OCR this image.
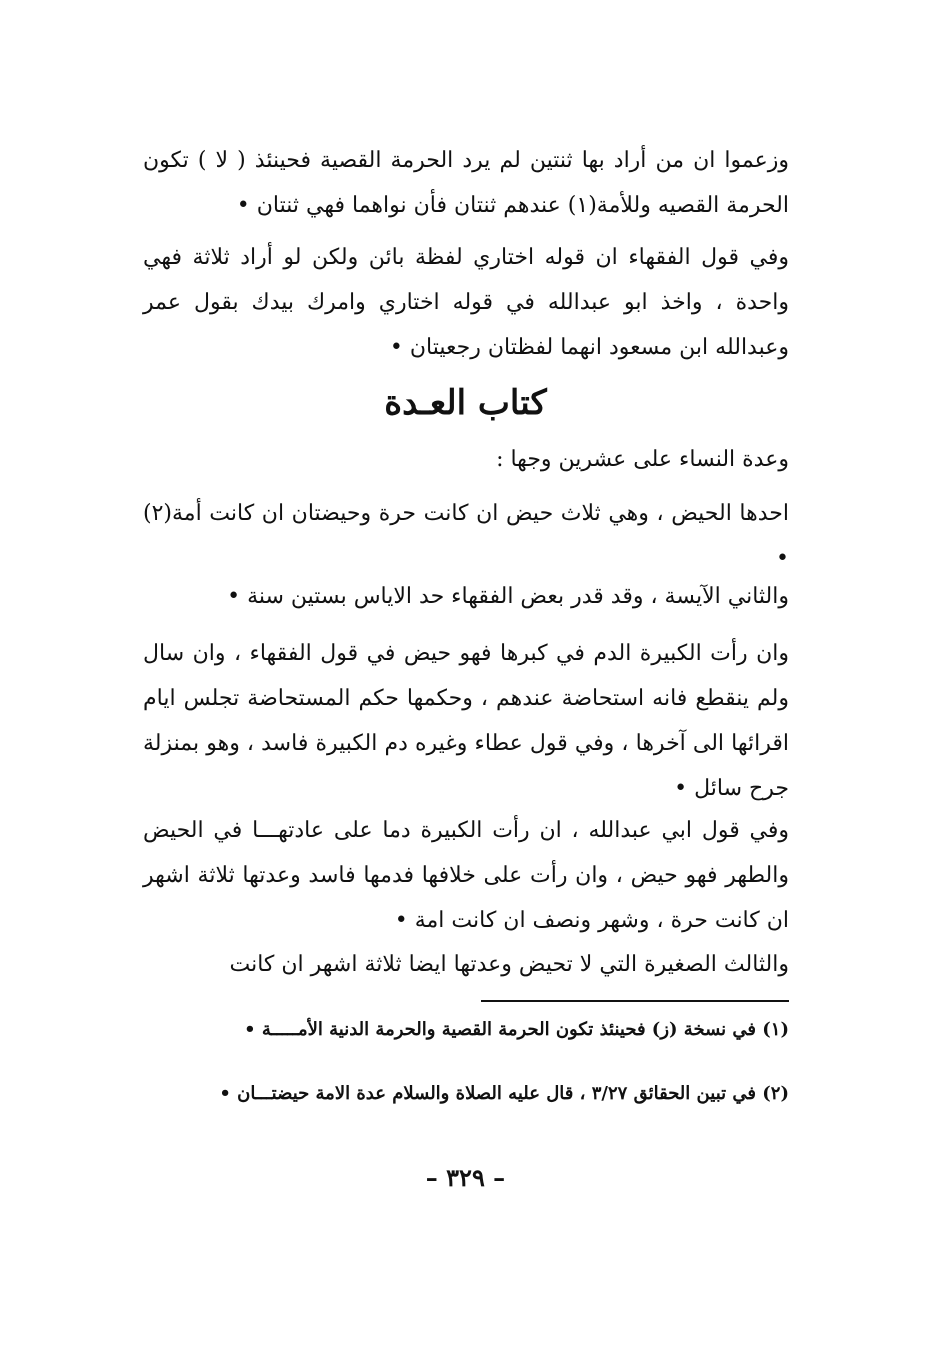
وزعموا ان من أراد بها ثنتين لم يرد الحرمة القصية فحينئذ ( لا ) تكون الحرمة القصيه وللأمة(١) عندهم ثنتان فأن نواهما فهي ثنتان •
وفي قول الفقهاء ان قوله اختاري لفظة بائن ولكن لو أراد ثلاثة فهي واحدة ، واخذ ابو عبدالله في قوله اختاري وامرك بيدك بقول عمر وعبدالله ابن مسعود انهما لفظتان رجعيتان •
كتاب العـدة
وعدة النساء على عشرين وجها :
احدها الحيض ، وهي ثلاث حيض ان كانت حرة وحيضتان ان كانت أمة(٢) •
والثاني الآيسة ، وقد قدر بعض الفقهاء حد الاياس بستين سنة •
وان رأت الكبيرة الدم في كبرها فهو حيض في قول الفقهاء ، وان سال ولم ينقطع فانه استحاضة عندهم ، وحكمها حكم المستحاضة تجلس ايام اقرائها الى آخرها ، وفي قول عطاء وغيره دم الكبيرة فاسد ، وهو بمنزلة جرح سائل •
وفي قول ابي عبدالله ، ان رأت الكبيرة دما على عادتهـــا في الحيض والطهر فهو حيض ، وان رأت على خلافها فدمها فاسد وعدتها ثلاثة اشهر ان كانت حرة ، وشهر ونصف ان كانت امة •
والثالث الصغيرة التي لا تحيض وعدتها ايضا ثلاثة اشهر ان كانت
(١) في نسخة (ز) فحينئذ تكون الحرمة القصية والحرمة الدنية الأمـــــة •
(٢) في تبين الحقائق ٣/٢٧ ، قال عليه الصلاة والسلام عدة الامة حيضتـــان •
– ٣٢٩ –
